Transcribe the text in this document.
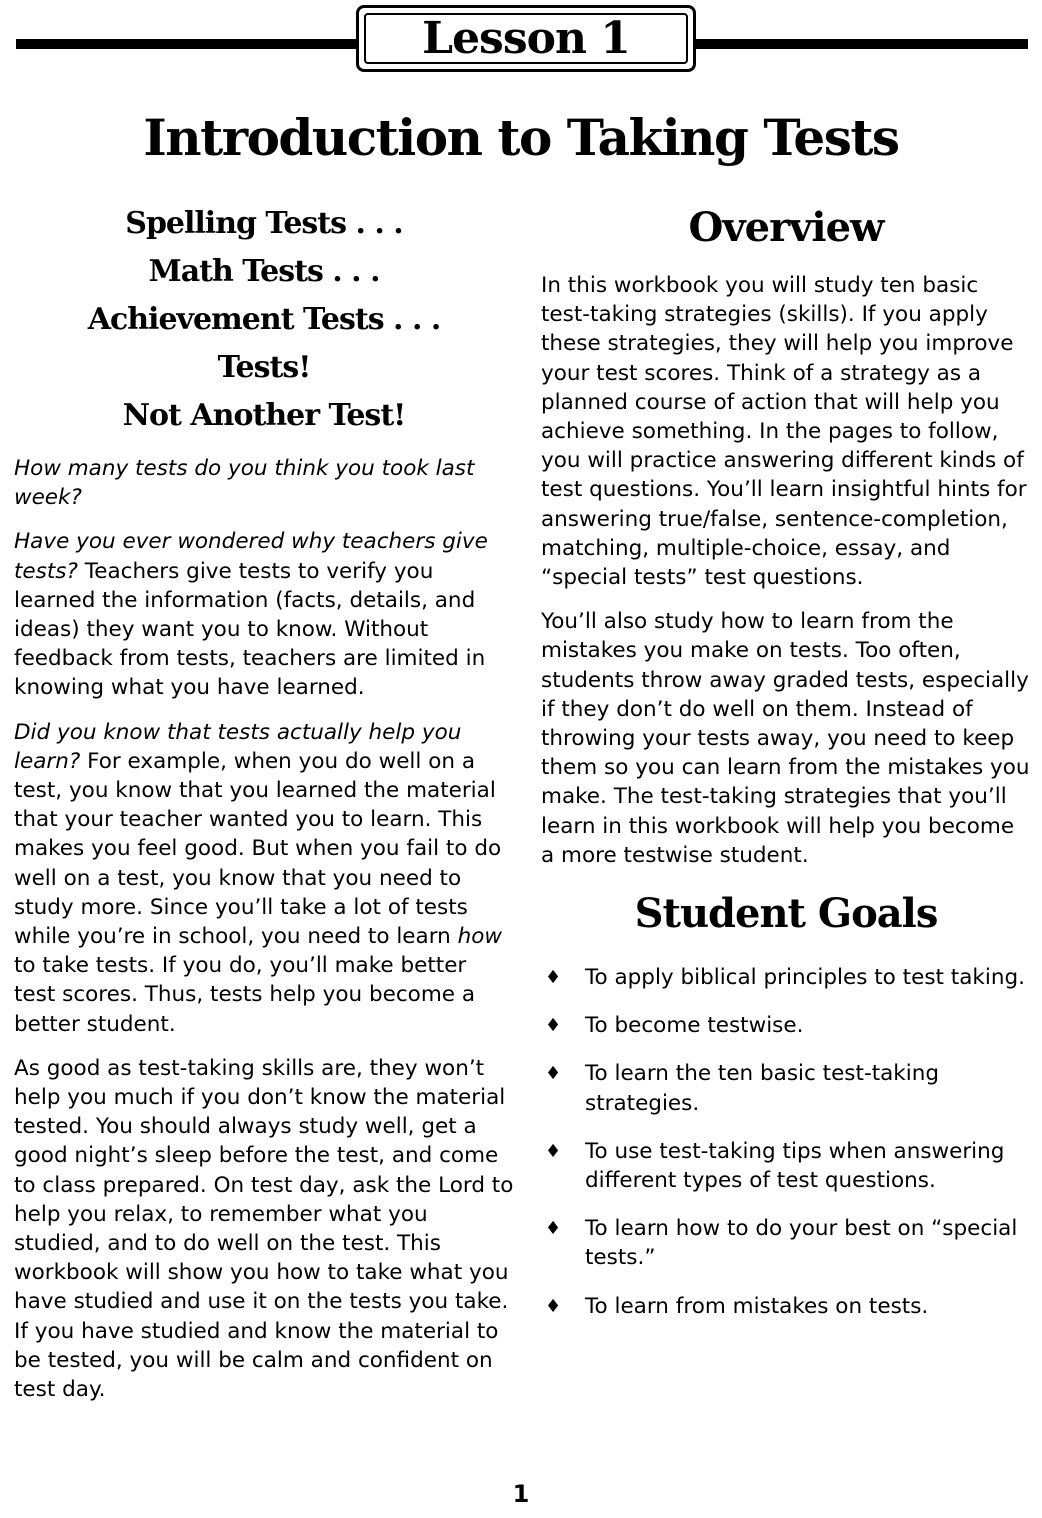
Lesson 1
Introduction to Taking Tests
Spelling Tests . . .
Math Tests . . .
Achievement Tests . . .
Tests!
Not Another Test!

How many tests do you think you took last week?

Have you ever wondered why teachers give tests? Teachers give tests to verify you learned the information (facts, details, and ideas) they want you to know. Without feedback from tests, teachers are limited in knowing what you have learned.

Did you know that tests actually help you learn? For example, when you do well on a test, you know that you learned the material that your teacher wanted you to learn. This makes you feel good. But when you fail to do well on a test, you know that you need to study more. Since you’ll take a lot of tests while you’re in school, you need to learn how to take tests. If you do, you’ll make better test scores. Thus, tests help you become a better student.

As good as test-taking skills are, they won’t help you much if you don’t know the material tested. You should always study well, get a good night’s sleep before the test, and come to class prepared. On test day, ask the Lord to help you relax, to remember what you studied, and to do well on the test. This workbook will show you how to take what you have studied and use it on the tests you take. If you have studied and know the material to be tested, you will be calm and confident on test day.

Overview

In this workbook you will study ten basic test-taking strategies (skills). If you apply these strategies, they will help you improve your test scores. Think of a strategy as a planned course of action that will help you achieve something. In the pages to follow, you will practice answering different kinds of test questions. You’ll learn insightful hints for answering true/false, sentence-completion, matching, multiple-choice, essay, and “special tests” test questions.

You’ll also study how to learn from the mistakes you make on tests. Too often, students throw away graded tests, especially if they don’t do well on them. Instead of throwing your tests away, you need to keep them so you can learn from the mistakes you make. The test-taking strategies that you’ll learn in this workbook will help you become a more testwise student.

Student Goals
♦ To apply biblical principles to test taking.
♦ To become testwise.
♦ To learn the ten basic test-taking strategies.
♦ To use test-taking tips when answering different types of test questions.
♦ To learn how to do your best on “special tests.”
♦ To learn from mistakes on tests.
1
